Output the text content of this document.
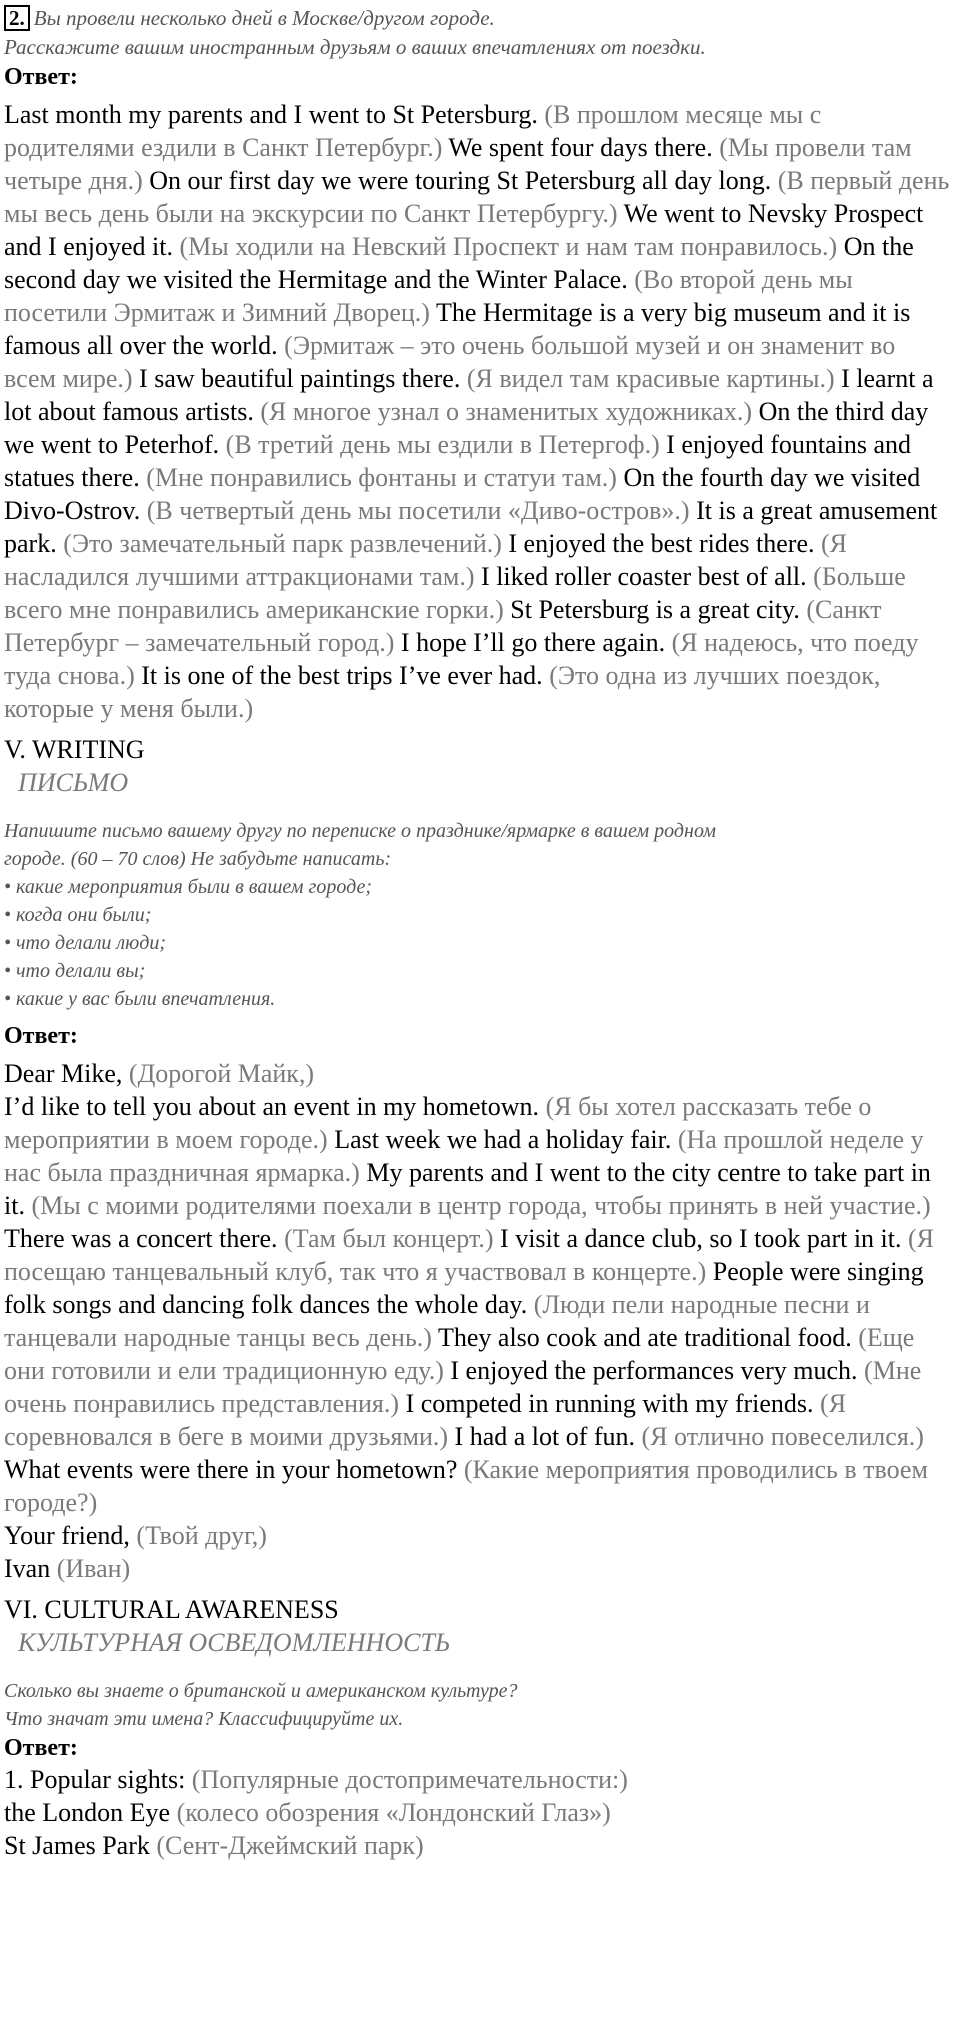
2. Вы провели несколько дней в Москве/другом городе.
Расскажите вашим иностранным друзьям о ваших впечатлениях от поездки.
Ответ:

Last month my parents and I went to St Petersburg. (В прошлом месяце мы с родителями ездили в Санкт Петербург.) We spent four days there. (Мы провели там четыре дня.) On our first day we were touring St Petersburg all day long. (В первый день мы весь день были на экскурсии по Санкт Петербургу.) We went to Nevsky Prospect and I enjoyed it. (Мы ходили на Невский Проспект и нам там понравилось.) On the second day we visited the Hermitage and the Winter Palace. (Во второй день мы посетили Эрмитаж и Зимний Дворец.) The Hermitage is a very big museum and it is famous all over the world. (Эрмитаж – это очень большой музей и он знаменит во всем мире.) I saw beautiful paintings there. (Я видел там красивые картины.) I learnt a lot about famous artists. (Я многое узнал о знаменитых художниках.) On the third day we went to Peterhof. (В третий день мы ездили в Петергоф.) I enjoyed fountains and statues there. (Мне понравились фонтаны и статуи там.) On the fourth day we visited Divo-Ostrov. (В четвертый день мы посетили «Диво-остров».) It is a great amusement park. (Это замечательный парк развлечений.) I enjoyed the best rides there. (Я насладился лучшими аттракционами там.) I liked roller coaster best of all. (Больше всего мне понравились американские горки.) St Petersburg is a great city. (Санкт Петербург – замечательный город.) I hope I’ll go there again. (Я надеюсь, что поеду туда снова.) It is one of the best trips I’ve ever had. (Это одна из лучших поездок, которые у меня были.)

V. WRITING
ПИСЬМО
Напишите письмо вашему другу по переписке о празднике/ярмарке в вашем родном
городе. (60 – 70 слов) Не забудьте написать:
• какие мероприятия были в вашем городе;
• когда они были;
• что делали люди;
• что делали вы;
• какие у вас были впечатления.
Ответ:
Dear Mike, (Дорогой Майк,)
I’d like to tell you about an event in my hometown. (Я бы хотел рассказать тебе о мероприятии в моем городе.) Last week we had a holiday fair. (На прошлой неделе у нас была праздничная ярмарка.) My parents and I went to the city centre to take part in it. (Мы с моими родителями поехали в центр города, чтобы принять в ней участие.) There was a concert there. (Там был концерт.) I visit a dance club, so I took part in it. (Я посещаю танцевальный клуб, так что я участвовал в концерте.) People were singing folk songs and dancing folk dances the whole day. (Люди пели народные песни и танцевали народные танцы весь день.) They also cook and ate traditional food. (Еще они готовили и ели традиционную еду.) I enjoyed the performances very much. (Мне очень понравились представления.) I competed in running with my friends. (Я соревновался в беге в моими друзьями.) I had a lot of fun. (Я отлично повеселился.)
What events were there in your hometown? (Какие мероприятия проводились в твоем городе?)
Your friend, (Твой друг,)
Ivan (Иван)
VI. CULTURAL AWARENESS
КУЛЬТУРНАЯ ОСВЕДОМЛЕННОСТЬ
Сколько вы знаете о британской и американском культуре?
Что значат эти имена? Классифицируйте их.
Ответ:
1. Popular sights: (Популярные достопримечательности:)
the London Eye (колесо обозрения «Лондонский Глаз»)
St James Park (Сент-Джеймский парк)
